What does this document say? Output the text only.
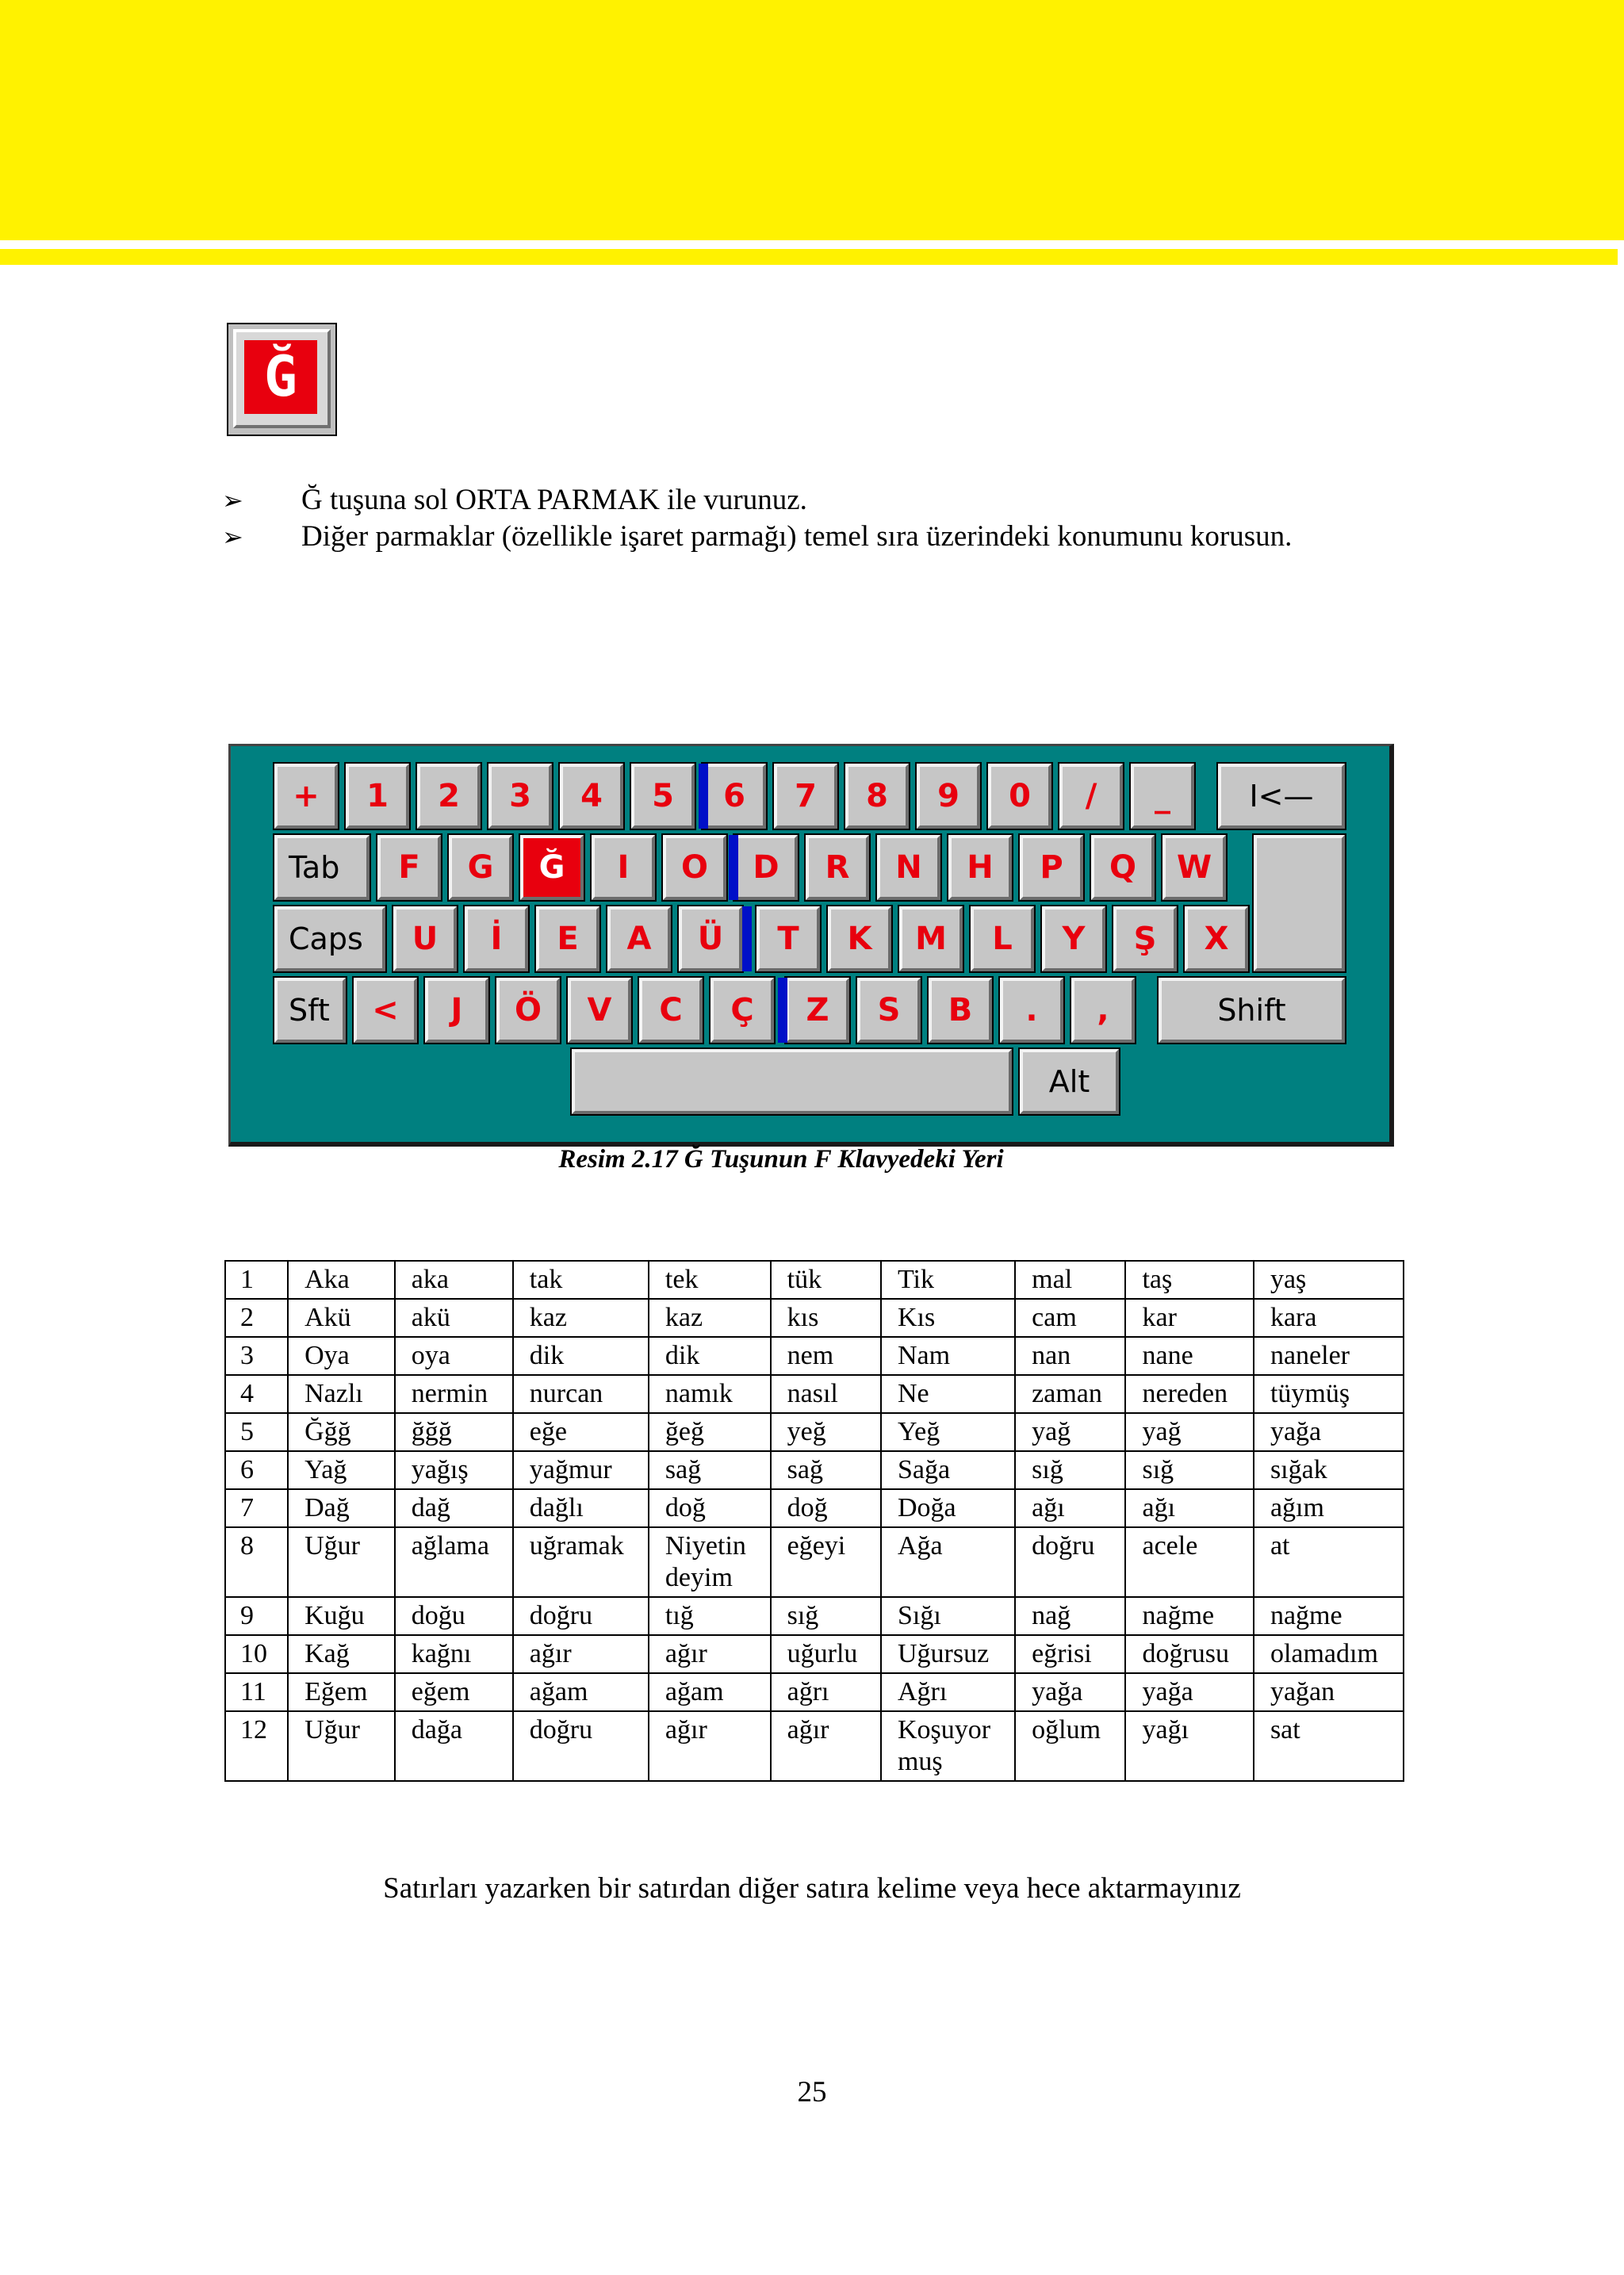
Ğ
➢ Ğ tuşuna sol ORTA PARMAK ile vurunuz.
➢ Diğer parmaklar (özellikle işaret parmağı) temel sıra üzerindeki konumunu korusun.
+	1	2	3	4	5	6	7	8	9	0	/	_	I<—
Tab	F	G	Ğ	I	O	D	R	N	H	P	Q	W
Caps	U	İ	E	A	Ü	T	K	M	L	Y	Ş	X
Sft	<	J	Ö	V	C	Ç	Z	S	B	.	,	Shift
Alt
Resim 2.17 Ğ Tuşunun F Klavyedeki Yeri
1	Aka	aka	tak	tek	tük	Tik	mal	taş	yaş
2	Akü	akü	kaz	kaz	kıs	Kıs	cam	kar	kara
3	Oya	oya	dik	dik	nem	Nam	nan	nane	naneler
4	Nazlı	nermin	nurcan	namık	nasıl	Ne	zaman	nereden	tüymüş
5	Ğğğ	ğğğ	eğe	ğeğ	yeğ	Yeğ	yağ	yağ	yağa
6	Yağ	yağış	yağmur	sağ	sağ	Sağa	sığ	sığ	sığak
7	Dağ	dağ	dağlı	doğ	doğ	Doğa	ağı	ağı	ağım
8	Uğur	ağlama	uğramak	Niyetin deyim	eğeyi	Ağa	doğru	acele	at
9	Kuğu	doğu	doğru	tığ	sığ	Sığı	nağ	nağme	nağme
10	Kağ	kağnı	ağır	ağır	uğurlu	Uğursuz	eğrisi	doğrusu	olamadım
11	Eğem	eğem	ağam	ağam	ağrı	Ağrı	yağa	yağa	yağan
12	Uğur	dağa	doğru	ağır	ağır	Koşuyor muş	oğlum	yağı	sat
Satırları yazarken bir satırdan diğer satıra kelime veya hece aktarmayınız
25
